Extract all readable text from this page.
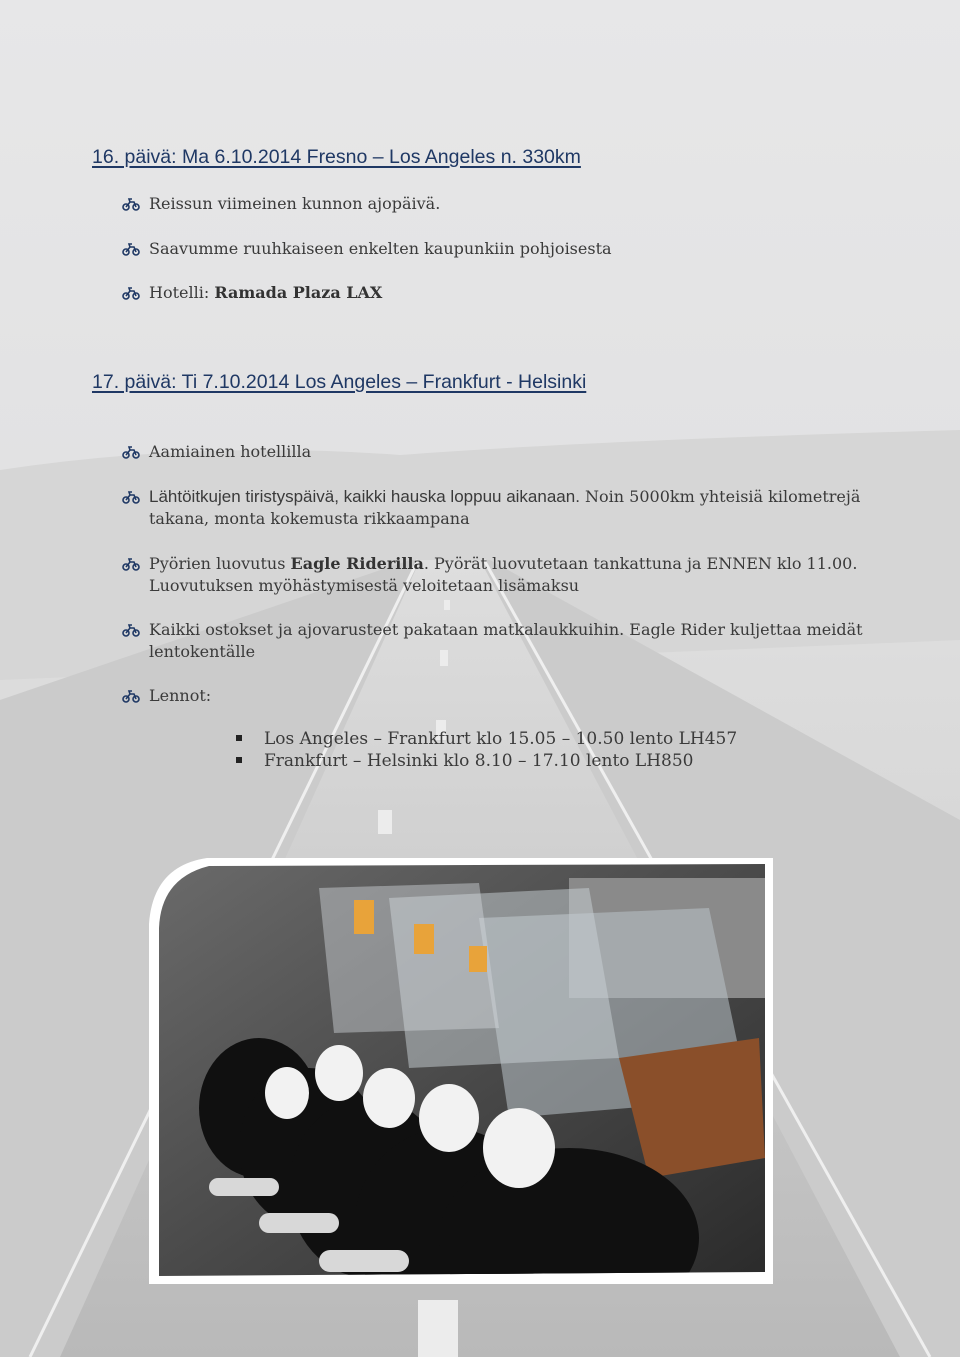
16. päivä: Ma 6.10.2014 Fresno – Los Angeles n. 330km
Reissun viimeinen kunnon ajopäivä.
Saavumme ruuhkaiseen enkelten kaupunkiin pohjoisesta
Hotelli: Ramada Plaza LAX
17. päivä: Ti 7.10.2014 Los Angeles – Frankfurt - Helsinki
Aamiainen hotellilla
Lähtöitkujen tiristyspäivä, kaikki hauska loppuu aikanaan. Noin 5000km yhteisiä kilometrejä takana, monta kokemusta rikkaampana
Pyörien luovutus Eagle Riderilla. Pyörät luovutetaan tankattuna ja ENNEN klo 11.00. Luovutuksen myöhästymisestä veloitetaan lisämaksu
Kaikki ostokset ja ajovarusteet pakataan matkalaukkuihin. Eagle Rider kuljettaa meidät lentokentälle
Lennot:
Los Angeles – Frankfurt klo 15.05 – 10.50 lento LH457
Frankfurt – Helsinki klo 8.10 – 17.10 lento LH850
